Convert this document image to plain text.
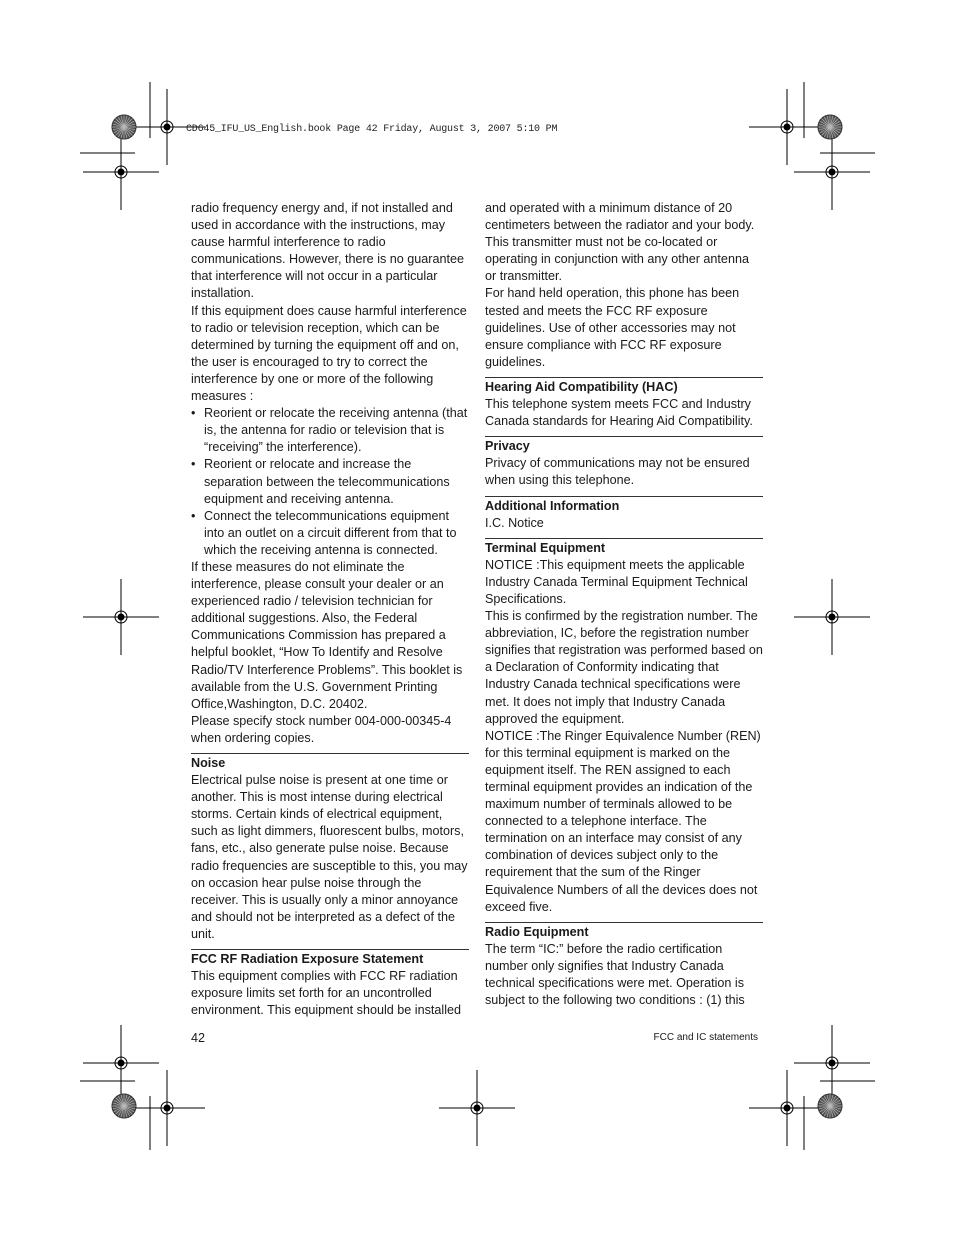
CD645_IFU_US_English.book Page 42 Friday, August 3, 2007 5:10 PM

radio frequency energy and, if not installed and used in accordance with the instructions, may cause harmful interference to radio communications. However, there is no guarantee that interference will not occur in a particular installation.

If this equipment does cause harmful interference to radio or television reception, which can be determined by turning the equipment off and on, the user is encouraged to try to correct the interference by one or more of the following measures :

• Reorient or relocate the receiving antenna (that is, the antenna for radio or television that is “receiving” the interference).
• Reorient or relocate and increase the separation between the telecommunications equipment and receiving antenna.
• Connect the telecommunications equipment into an outlet on a circuit different from that to which the receiving antenna is connected.

If these measures do not eliminate the interference, please consult your dealer or an experienced radio / television technician for additional suggestions. Also, the Federal Communications Commission has prepared a helpful booklet, “How To Identify and Resolve Radio/TV Interference Problems”. This booklet is available from the U.S. Government Printing Office,Washington, D.C. 20402.

Please specify stock number 004-000-00345-4 when ordering copies.

Noise

Electrical pulse noise is present at one time or another. This is most intense during electrical storms. Certain kinds of electrical equipment, such as light dimmers, fluorescent bulbs, motors, fans, etc., also generate pulse noise. Because radio frequencies are susceptible to this, you may on occasion hear pulse noise through the receiver. This is usually only a minor annoyance and should not be interpreted as a defect of the unit.

FCC RF Radiation Exposure Statement

This equipment complies with FCC RF radiation exposure limits set forth for an uncontrolled environment. This equipment should be installed

and operated with a minimum distance of 20 centimeters between the radiator and your body. This transmitter must not be co-located or operating in conjunction with any other antenna or transmitter.

For hand held operation, this phone has been tested and meets the FCC RF exposure guidelines. Use of other accessories may not ensure compliance with FCC RF exposure guidelines.

Hearing Aid Compatibility (HAC)

This telephone system meets FCC and Industry Canada standards for Hearing Aid Compatibility.

Privacy

Privacy of communications may not be ensured when using this telephone.

Additional Information

I.C. Notice

Terminal Equipment

NOTICE :This equipment meets the applicable Industry Canada Terminal Equipment Technical Specifications.

This is confirmed by the registration number. The abbreviation, IC, before the registration number signifies that registration was performed based on a Declaration of Conformity indicating that Industry Canada technical specifications were met. It does not imply that Industry Canada approved the equipment.

NOTICE :The Ringer Equivalence Number (REN) for this terminal equipment is marked on the equipment itself. The REN assigned to each terminal equipment provides an indication of the maximum number of terminals allowed to be connected to a telephone interface. The termination on an interface may consist of any combination of devices subject only to the requirement that the sum of the Ringer Equivalence Numbers of all the devices does not exceed five.

Radio Equipment

The term “IC:” before the radio certification number only signifies that Industry Canada technical specifications were met. Operation is subject to the following two conditions : (1) this

42	FCC and IC statements
